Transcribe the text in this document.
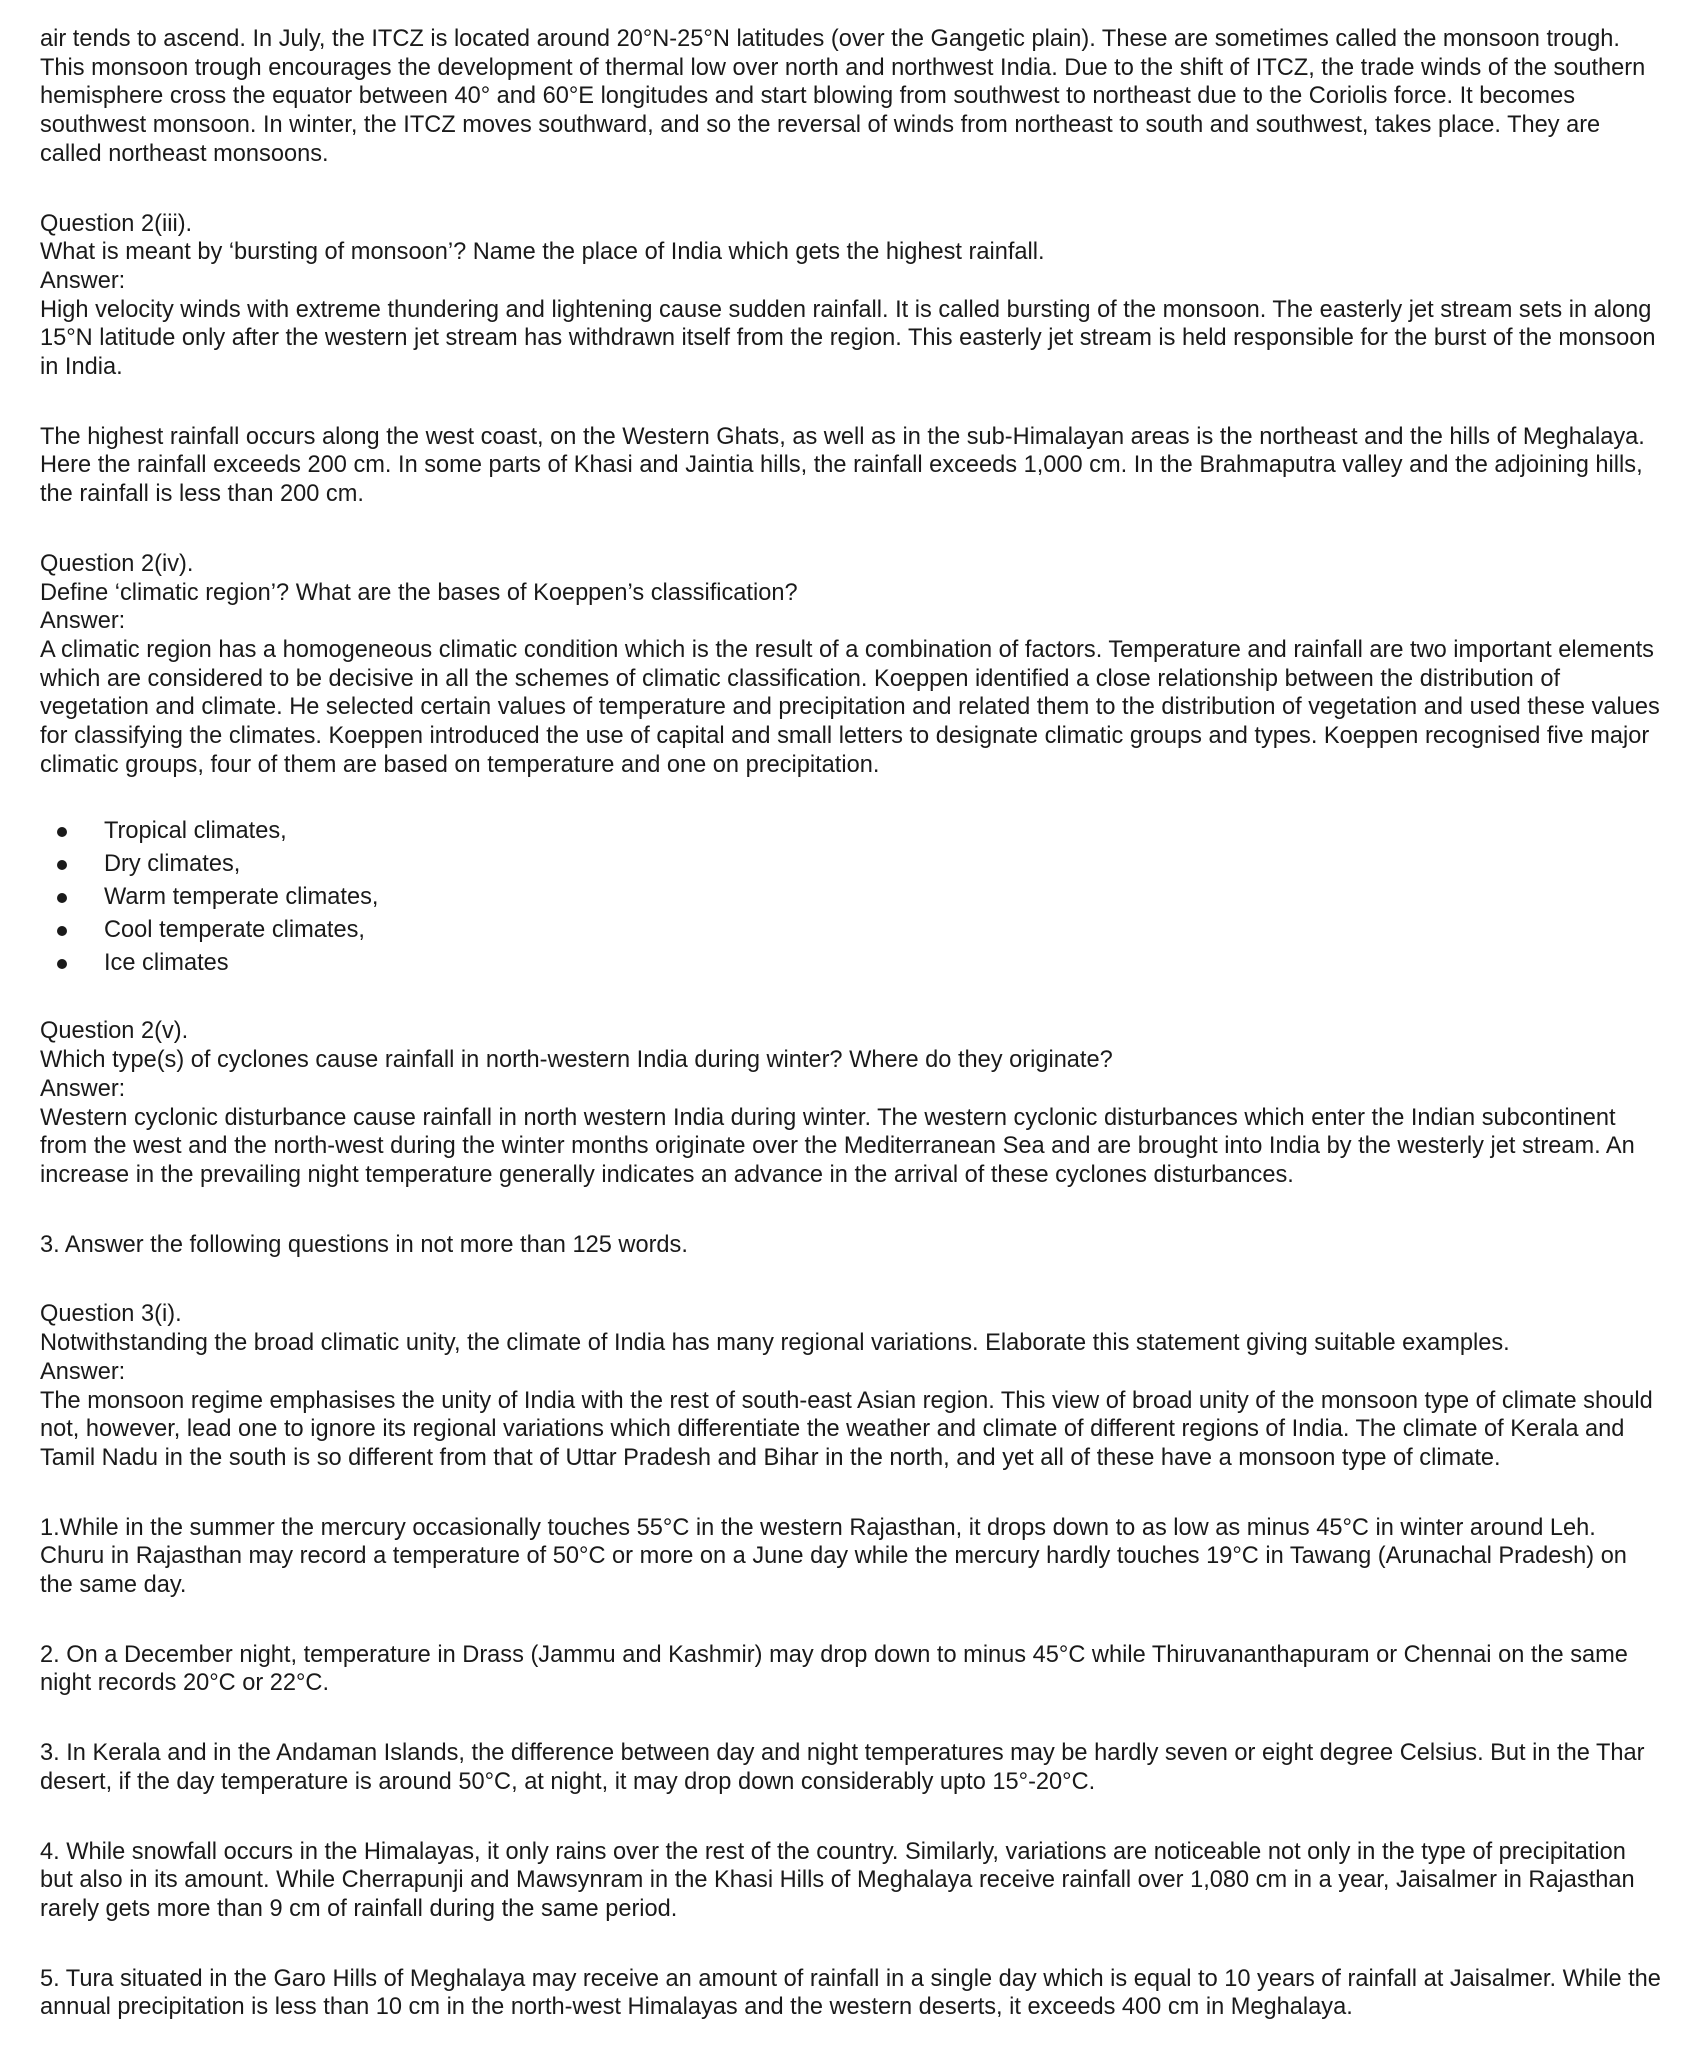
air tends to ascend. In July, the ITCZ is located around 20°N-25°N latitudes (over the Gangetic plain). These are sometimes called the monsoon trough. This monsoon trough encourages the development of thermal low over north and northwest India. Due to the shift of ITCZ, the trade winds of the southern hemisphere cross the equator between 40° and 60°E longitudes and start blowing from southwest to northeast due to the Coriolis force. It becomes southwest monsoon. In winter, the ITCZ moves southward, and so the reversal of winds from northeast to south and southwest, takes place. They are called northeast monsoons.

Question 2(iii).
What is meant by ‘bursting of monsoon’? Name the place of India which gets the highest rainfall.
Answer:
High velocity winds with extreme thundering and lightening cause sudden rainfall. It is called bursting of the monsoon. The easterly jet stream sets in along 15°N latitude only after the western jet stream has withdrawn itself from the region. This easterly jet stream is held responsible for the burst of the monsoon in India.

The highest rainfall occurs along the west coast, on the Western Ghats, as well as in the sub-Himalayan areas is the northeast and the hills of Meghalaya. Here the rainfall exceeds 200 cm. In some parts of Khasi and Jaintia hills, the rainfall exceeds 1,000 cm. In the Brahmaputra valley and the adjoining hills, the rainfall is less than 200 cm.

Question 2(iv).
Define ‘climatic region’? What are the bases of Koeppen’s classification?
Answer:
A climatic region has a homogeneous climatic condition which is the result of a combination of factors. Temperature and rainfall are two important elements which are considered to be decisive in all the schemes of climatic classification. Koeppen identified a close relationship between the distribution of vegetation and climate. He selected certain values of temperature and precipitation and related them to the distribution of vegetation and used these values for classifying the climates. Koeppen introduced the use of capital and small letters to designate climatic groups and types. Koeppen recognised five major climatic groups, four of them are based on temperature and one on precipitation.
Tropical climates,
Dry climates,
Warm temperate climates,
Cool temperate climates,
Ice climates
Question 2(v).
Which type(s) of cyclones cause rainfall in north-western India during winter? Where do they originate?
Answer:
Western cyclonic disturbance cause rainfall in north western India during winter. The western cyclonic disturbances which enter the Indian subcontinent from the west and the north-west during the winter months originate over the Mediterranean Sea and are brought into India by the westerly jet stream. An increase in the prevailing night temperature generally indicates an advance in the arrival of these cyclones disturbances.

3. Answer the following questions in not more than 125 words.

Question 3(i).
Notwithstanding the broad climatic unity, the climate of India has many regional variations. Elaborate this statement giving suitable examples.
Answer:
The monsoon regime emphasises the unity of India with the rest of south-east Asian region. This view of broad unity of the monsoon type of climate should not, however, lead one to ignore its regional variations which differentiate the weather and climate of different regions of India. The climate of Kerala and Tamil Nadu in the south is so different from that of Uttar Pradesh and Bihar in the north, and yet all of these have a monsoon type of climate.

1.While in the summer the mercury occasionally touches 55°C in the western Rajasthan, it drops down to as low as minus 45°C in winter around Leh. Churu in Rajasthan may record a temperature of 50°C or more on a June day while the mercury hardly touches 19°C in Tawang (Arunachal Pradesh) on the same day.

2. On a December night, temperature in Drass (Jammu and Kashmir) may drop down to minus 45°C while Thiruvananthapuram or Chennai on the same night records 20°C or 22°C.

3. In Kerala and in the Andaman Islands, the difference between day and night temperatures may be hardly seven or eight degree Celsius. But in the Thar desert, if the day temperature is around 50°C, at night, it may drop down considerably upto 15°-20°C.

4. While snowfall occurs in the Himalayas, it only rains over the rest of the country. Similarly, variations are noticeable not only in the type of precipitation but also in its amount. While Cherrapunji and Mawsynram in the Khasi Hills of Meghalaya receive rainfall over 1,080 cm in a year, Jaisalmer in Rajasthan rarely gets more than 9 cm of rainfall during the same period.

5. Tura situated in the Garo Hills of Meghalaya may receive an amount of rainfall in a single day which is equal to 10 years of rainfall at Jaisalmer. While the annual precipitation is less than 10 cm in the north-west Himalayas and the western deserts, it exceeds 400 cm in Meghalaya.
